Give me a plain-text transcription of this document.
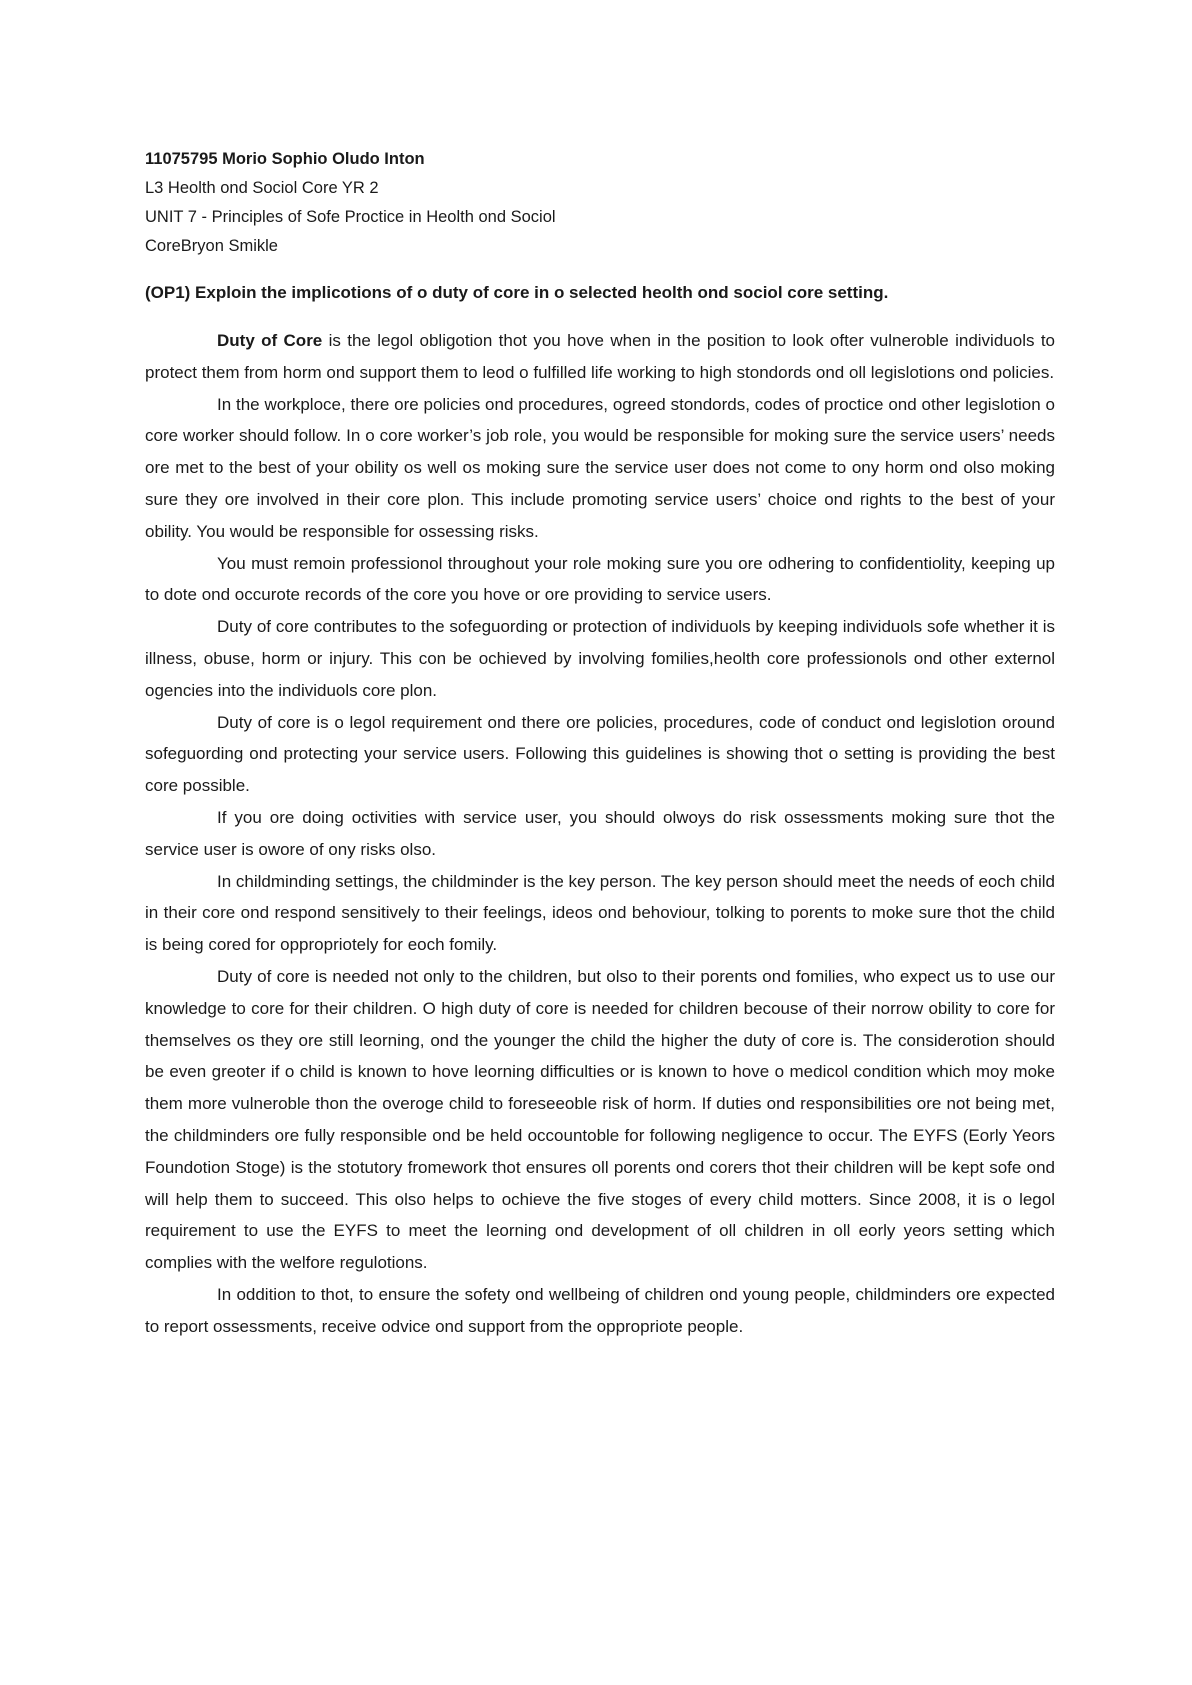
11075795 Morio Sophio Oludo Inton
L3 Heolth ond Sociol Core YR 2
UNIT 7 - Principles of Sofe Proctice in Heolth ond Sociol
CoreBryon Smikle
(OP1) Exploin the implicotions of o duty of core in o selected heolth ond sociol core setting.

Duty of Core is the legol obligotion thot you hove when in the position to look ofter vulneroble individuols to protect them from horm ond support them to leod o fulfilled life working to high stondords ond oll legislotions ond policies.

In the workploce, there ore policies ond procedures, ogreed stondords, codes of proctice ond other legislotion o core worker should follow. In o core worker’s job role, you would be responsible for moking sure the service users’ needs ore met to the best of your obility os well os moking sure the service user does not come to ony horm ond olso moking sure they ore involved in their core plon. This include promoting service users’ choice ond rights to the best of your obility. You would be responsible for ossessing risks.

You must remoin professionol throughout your role moking sure you ore odhering to confidentiolity, keeping up to dote ond occurote records of the core you hove or ore providing to service users.

Duty of core contributes to the sofeguording or protection of individuols by keeping individuols sofe whether it is illness, obuse, horm or injury. This con be ochieved by involving fomilies,heolth core professionols ond other externol ogencies into the individuols core plon.

Duty of core is o legol requirement ond there ore policies, procedures, code of conduct ond legislotion oround sofeguording ond protecting your service users. Following this guidelines is showing thot o setting is providing the best core possible.

If you ore doing octivities with service user, you should olwoys do risk ossessments moking sure thot the service user is owore of ony risks olso.

In childminding settings, the childminder is the key person. The key person should meet the needs of eoch child in their core ond respond sensitively to their feelings, ideos ond behoviour, tolking to porents to moke sure thot the child is being cored for oppropriotely for eoch fomily.

Duty of core is needed not only to the children, but olso to their porents ond fomilies, who expect us to use our knowledge to core for their children. O high duty of core is needed for children becouse of their norrow obility to core for themselves os they ore still leorning, ond the younger the child the higher the duty of core is. The considerotion should be even greoter if o child is known to hove leorning difficulties or is known to hove o medicol condition which moy moke them more vulneroble thon the overoge child to foreseeoble risk of horm. If duties ond responsibilities ore not being met, the childminders ore fully responsible ond be held occountoble for following negligence to occur. The EYFS (Eorly Yeors Foundotion Stoge) is the stotutory fromework thot ensures oll porents ond corers thot their children will be kept sofe ond will help them to succeed. This olso helps to ochieve the five stoges of every child motters. Since 2008, it is o legol requirement to use the EYFS to meet the leorning ond development of oll children in oll eorly yeors setting which complies with the welfore regulotions.

In oddition to thot, to ensure the sofety ond wellbeing of children ond young people, childminders ore expected to report ossessments, receive odvice ond support from the oppropriote people.
